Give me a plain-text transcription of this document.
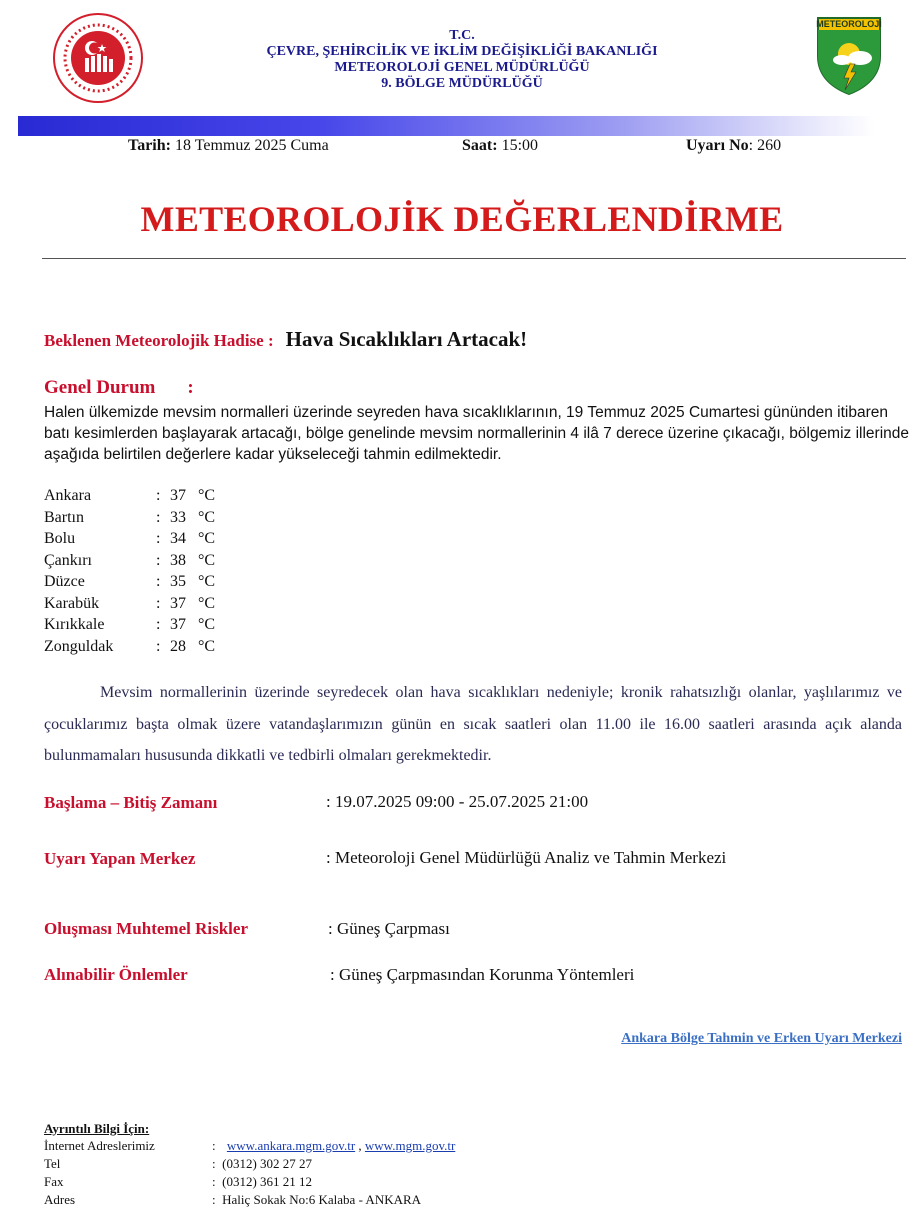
METEOROLOJİ
T.C.
ÇEVRE, ŞEHİRCİLİK VE İKLİM DEĞİŞİKLİĞİ BAKANLIĞI
METEOROLOJİ GENEL MÜDÜRLÜĞÜ
9. BÖLGE MÜDÜRLÜĞÜ
Tarih: 18 Temmuz 2025 Cuma	Saat: 15:00	Uyarı No: 260
METEOROLOJİK DEĞERLENDİRME
Beklenen Meteorolojik Hadise : Hava Sıcaklıkları Artacak!
Genel Durum :
Halen ülkemizde mevsim normalleri üzerinde seyreden hava sıcaklıklarının, 19 Temmuz 2025 Cumartesi gününden itibaren batı kesimlerden başlayarak artacağı, bölge genelinde mevsim normallerinin 4 ilâ 7 derece üzerine çıkacağı, bölgemiz illerinde aşağıda belirtilen değerlere kadar yükseleceği tahmin edilmektedir.
Ankara	: 37 °C
Bartın	: 33 °C
Bolu	: 34 °C
Çankırı	: 38 °C
Düzce	: 35 °C
Karabük	: 37 °C
Kırıkkale	: 37 °C
Zonguldak	: 28 °C
Mevsim normallerinin üzerinde seyredecek olan hava sıcaklıkları nedeniyle; kronik rahatsızlığı olanlar, yaşlılarımız ve çocuklarımız başta olmak üzere vatandaşlarımızın günün en sıcak saatleri olan 11.00 ile 16.00 saatleri arasında açık alanda bulunmamaları hususunda dikkatli ve tedbirli olmaları gerekmektedir.
Başlama – Bitiş Zamanı	: 19.07.2025 09:00 - 25.07.2025 21:00
Uyarı Yapan Merkez	: Meteoroloji Genel Müdürlüğü Analiz ve Tahmin Merkezi
Oluşması Muhtemel Riskler	: Güneş Çarpması
Alınabilir Önlemler	: Güneş Çarpmasından Korunma Yöntemleri
Ankara Bölge Tahmin ve Erken Uyarı Merkezi
Ayrıntılı Bilgi İçin:
İnternet Adreslerimiz	: www.ankara.mgm.gov.tr , www.mgm.gov.tr
Tel	:  (0312) 302 27 27
Fax	:  (0312) 361 21 12
Adres	:  Haliç Sokak No:6 Kalaba - ANKARA
